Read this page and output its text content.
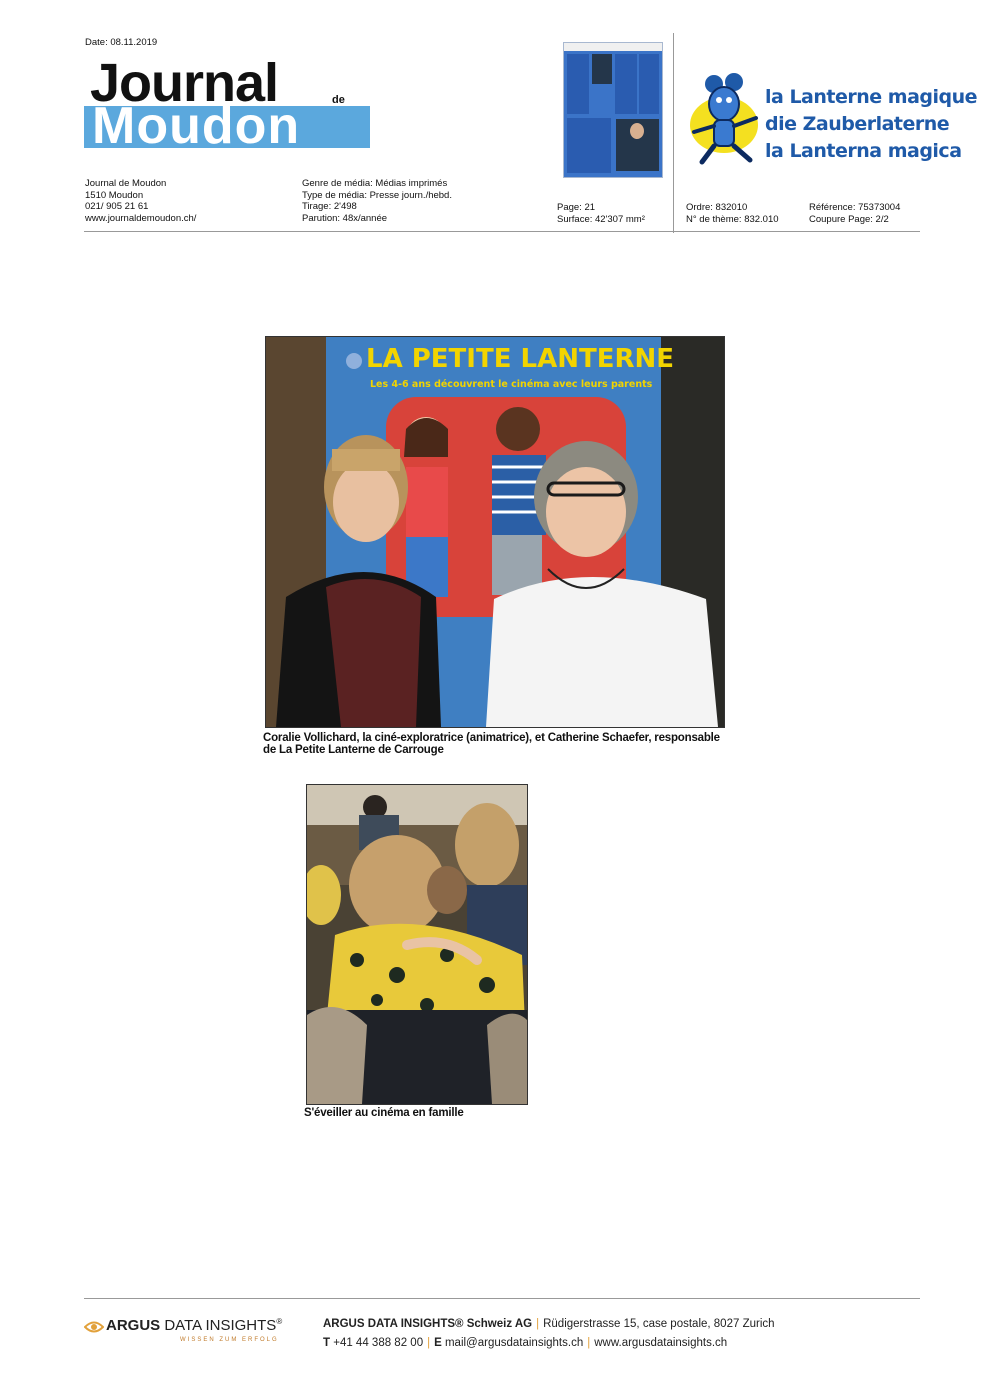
Date: 08.11.2019
Journal	de
Moudon	la Lanterne magique
die Zauberlaterne
la Lanterna magica
Journal de Moudon
1510 Moudon
021/ 905 21 61
www.journaldemoudon.ch/
Genre de média: Médias imprimés
Type de média: Presse journ./hebd.
Tirage: 2'498
Parution: 48x/année
Page: 21
Surface: 42'307 mm²
Ordre: 832010
N° de thème: 832.010
Référence: 75373004
Coupure Page: 2/2
LA PETITE LANTERNE
Les 4-6 ans découvrent le cinéma avec leurs parents
Coralie Vollichard, la ciné-exploratrice (animatrice), et Catherine Schaefer, responsable de La Petite Lanterne de Carrouge
S'éveiller au cinéma en famille
ARGUS DATA INSIGHTS®
WISSEN ZUM ERFOLG
ARGUS DATA INSIGHTS® Schweiz AG | Rüdigerstrasse 15, case postale, 8027 Zurich
T +41 44 388 82 00 | E mail@argusdatainsights.ch | www.argusdatainsights.ch
